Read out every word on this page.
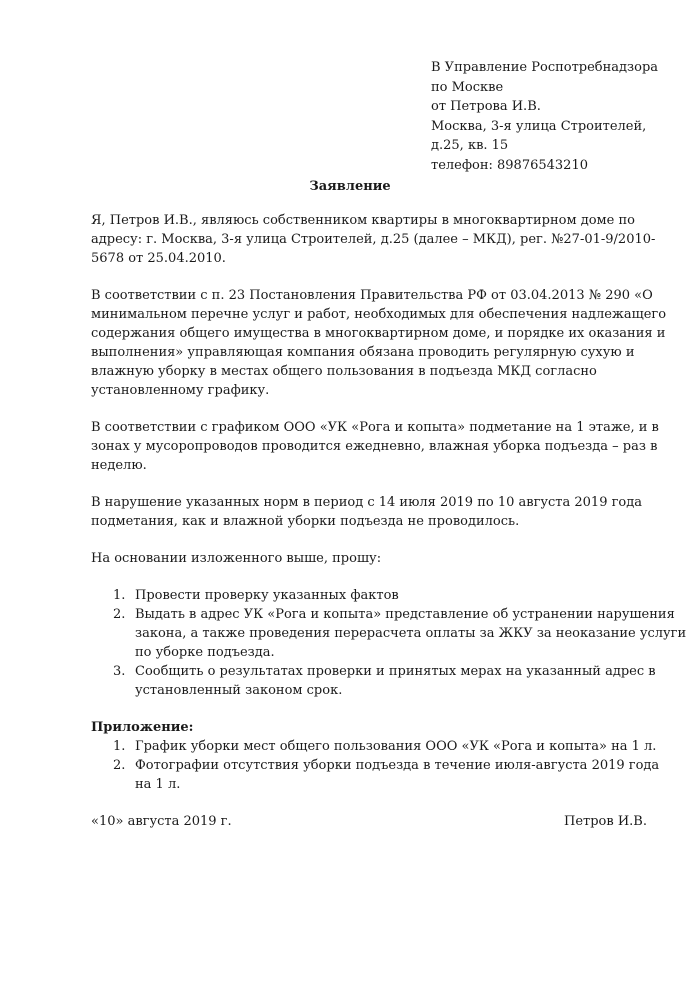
В Управление Роспотребнадзора
по Москве
от Петрова И.В.
Москва, 3-я улица Строителей,
д.25, кв. 15
телефон: 89876543210
Заявление

Я, Петров И.В., являюсь собственником квартиры в многоквартирном доме по
адресу: г. Москва, 3-я улица Строителей, д.25 (далее – МКД), рег. №27-01-9/2010-
5678 от 25.04.2010.

В соответствии с п. 23 Постановления Правительства РФ от 03.04.2013 № 290 «О
минимальном перечне услуг и работ, необходимых для обеспечения надлежащего
содержания общего имущества в многоквартирном доме, и порядке их оказания и
выполнения» управляющая компания обязана проводить регулярную сухую и
влажную уборку в местах общего пользования в подъезда МКД согласно
установленному графику.

В соответствии с графиком ООО «УК «Рога и копыта» подметание на 1 этаже, и в
зонах у мусоропроводов проводится ежедневно, влажная уборка подъезда – раз в
неделю.

В нарушение указанных норм в период с 14 июля 2019 по 10 августа 2019 года
подметания, как и влажной уборки подъезда не проводилось.

На основании изложенного выше, прошу:

1. Провести проверку указанных фактов
2. Выдать в адрес УК «Рога и копыта» представление об устранении нарушения
закона, а также проведения перерасчета оплаты за ЖКУ за неоказание услуги
по уборке подъезда.
3. Сообщить о результатах проверки и принятых мерах на указанный адрес в
установленный законом срок.
Приложение:
1. График уборки мест общего пользования ООО «УК «Рога и копыта» на 1 л.
2. Фотографии отсутствия уборки подъезда в течение июля-августа 2019 года
на 1 л.
«10» августа 2019 г.	Петров И.В.
